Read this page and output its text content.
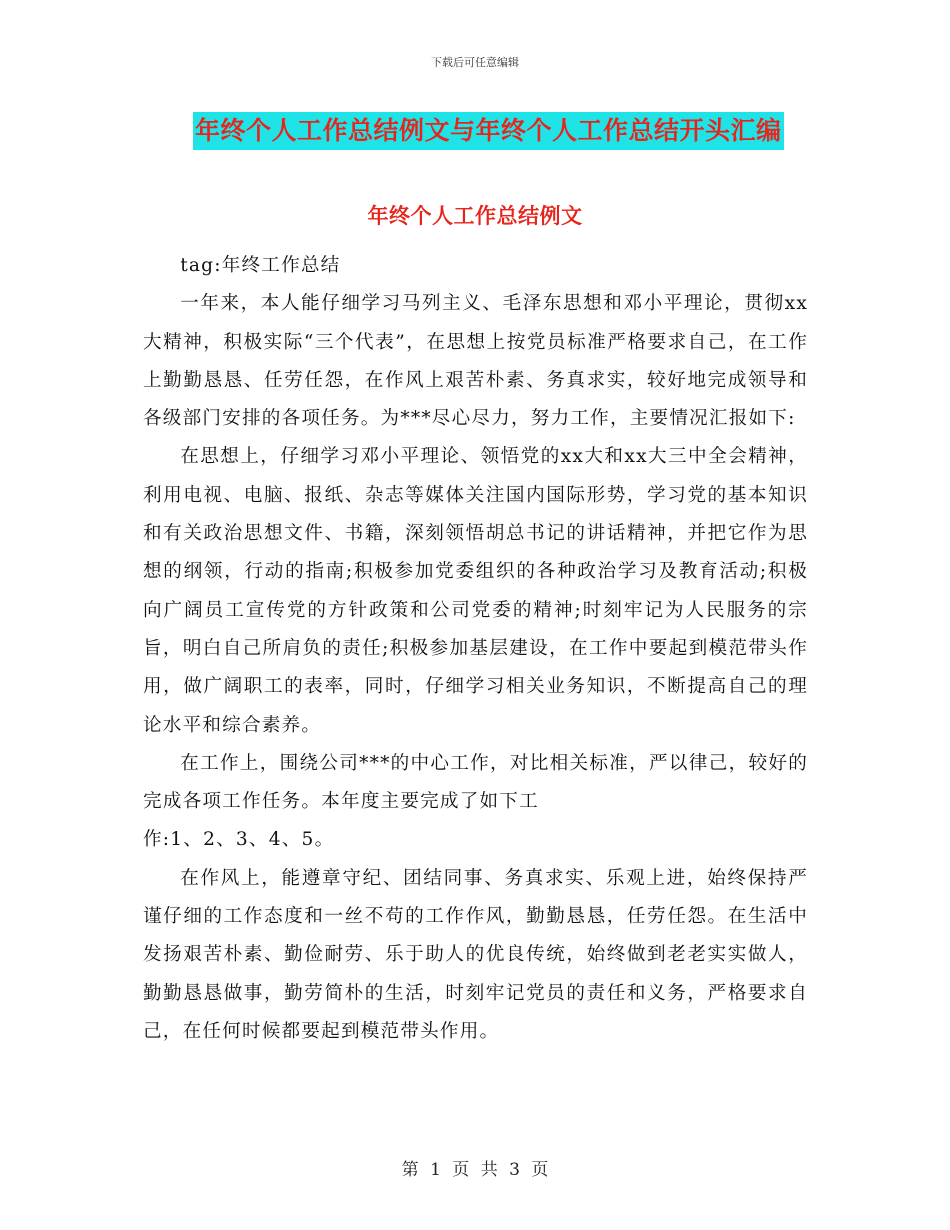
下载后可任意编辑
年终个人工作总结例文与年终个人工作总结开头汇编
年终个人工作总结例文

tag:年终工作总结

一年来，本人能仔细学习马列主义、毛泽东思想和邓小平理论，贯彻xx大精神，积极实际“三个代表”，在思想上按党员标准严格要求自己，在工作上勤勤恳恳、任劳任怨，在作风上艰苦朴素、务真求实，较好地完成领导和各级部门安排的各项任务。为***尽心尽力，努力工作，主要情况汇报如下:

在思想上，仔细学习邓小平理论、领悟党的xx大和xx大三中全会精神，利用电视、电脑、报纸、杂志等媒体关注国内国际形势，学习党的基本知识和有关政治思想文件、书籍，深刻领悟胡总书记的讲话精神，并把它作为思想的纲领，行动的指南;积极参加党委组织的各种政治学习及教育活动;积极向广阔员工宣传党的方针政策和公司党委的精神;时刻牢记为人民服务的宗旨，明白自己所肩负的责任;积极参加基层建设，在工作中要起到模范带头作用，做广阔职工的表率，同时，仔细学习相关业务知识，不断提高自己的理论水平和综合素养。

在工作上，围绕公司***的中心工作，对比相关标准，严以律己，较好的完成各项工作任务。本年度主要完成了如下工

作:1、2、3、4、5。

在作风上，能遵章守纪、团结同事、务真求实、乐观上进，始终保持严谨仔细的工作态度和一丝不苟的工作作风，勤勤恳恳，任劳任怨。在生活中发扬艰苦朴素、勤俭耐劳、乐于助人的优良传统，始终做到老老实实做人，勤勤恳恳做事，勤劳简朴的生活，时刻牢记党员的责任和义务，严格要求自己，在任何时候都要起到模范带头作用。

第 1 页 共 3 页
